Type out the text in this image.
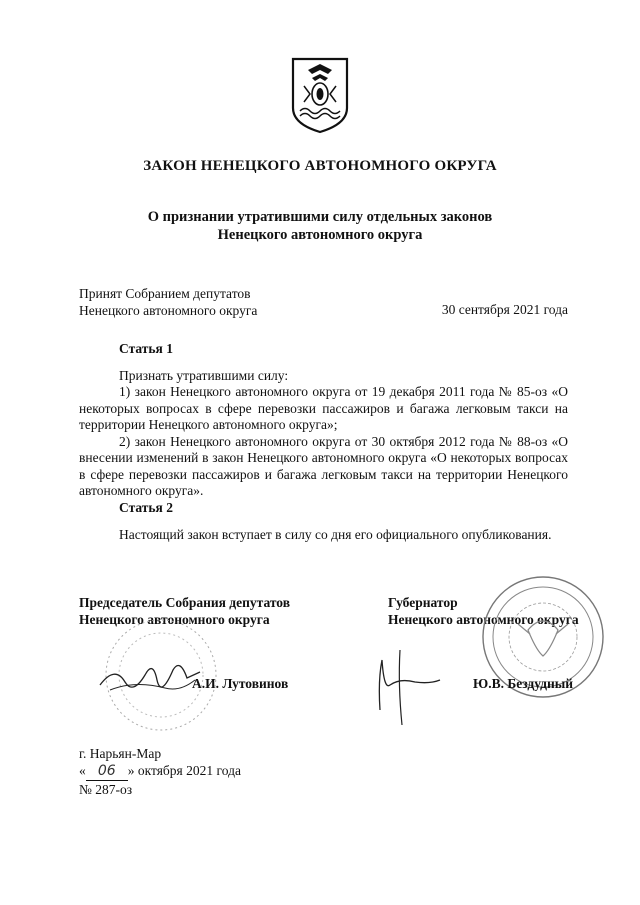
ЗАКОН НЕНЕЦКОГО АВТОНОМНОГО ОКРУГА
О признании утратившими силу отдельных законов
Ненецкого автономного округа
Принят Собранием депутатов
Ненецкого автономного округа	30 сентября 2021 года

Статья 1

Признать утратившими силу:

1) закон Ненецкого автономного округа от 19 декабря 2011 года № 85-оз «О некоторых вопросах в сфере перевозки пассажиров и багажа легковым такси на территории Ненецкого автономного округа»;

2) закон Ненецкого автономного округа от 30 октября 2012 года № 88-оз «О внесении изменений в закон Ненецкого автономного округа «О некоторых вопросах в сфере перевозки пассажиров и багажа легковым такси на территории Ненецкого автономного округа».

Статья 2

Настоящий закон вступает в силу со дня его официального опубликования.

Председатель Собрания депутатов
Ненецкого автономного округа
А.И. Лутовинов
Губернатор
Ненецкого автономного округа
Ю.В. Бездудный
г. Нарьян-Мар
« 06 » октября 2021 года
№ 287-оз
